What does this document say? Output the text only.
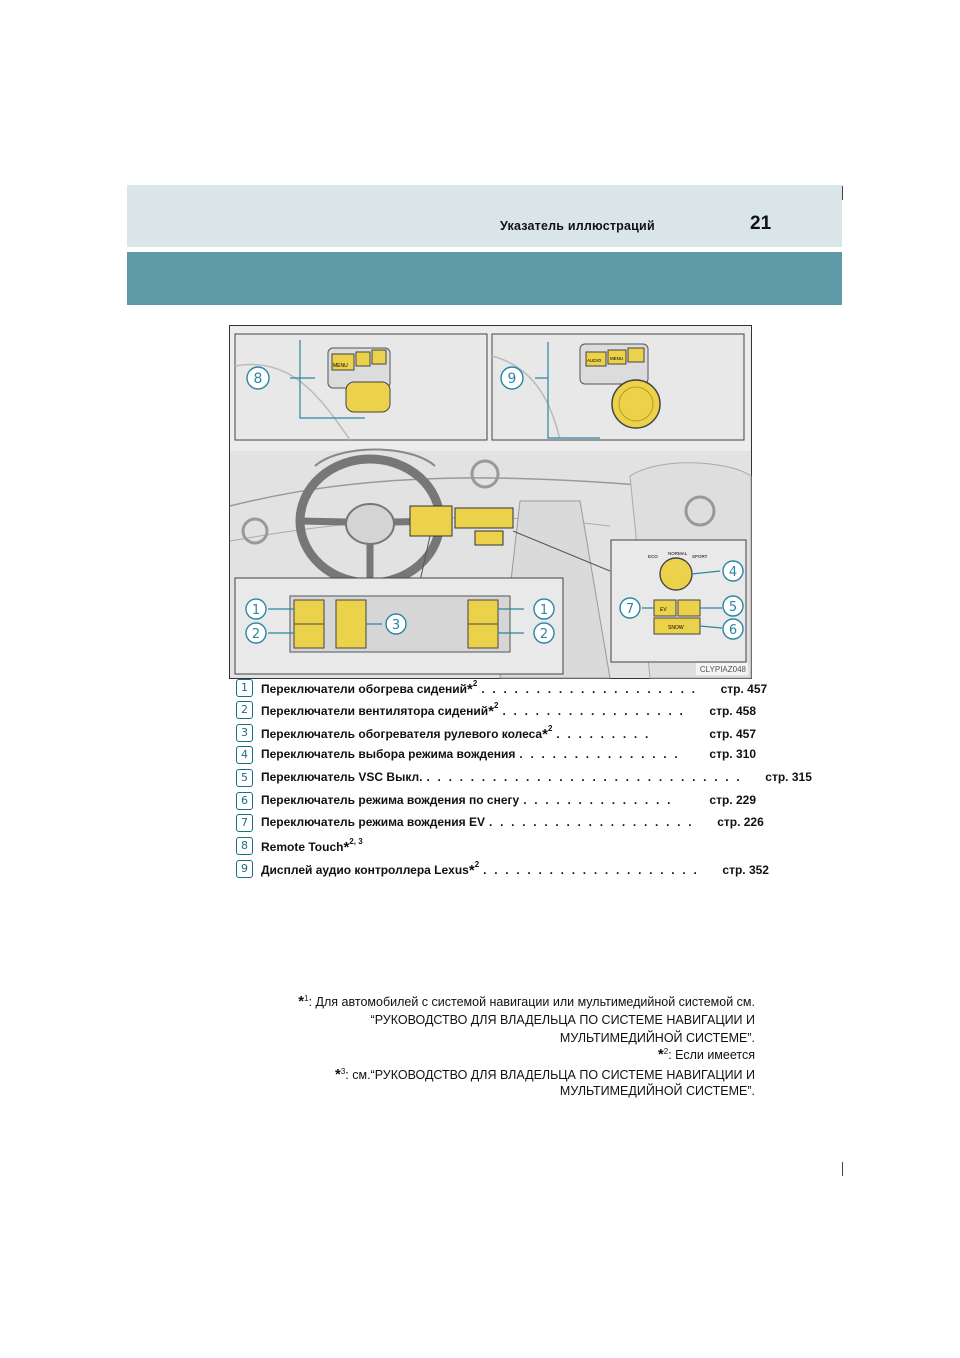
Указатель иллюстраций	21
MENU
8
AUDIO MENU
9
1
2
3
1
2
ECO
NORMAL
SPORT
EV
SNOW
4
5
6
7
CLYPIAZ048
1	Переключатели обогрева сидений*$^2$ . . . . . . . . . . . . . . . . . . . .	стр. 457
2	Переключатели вентилятора сидений*$^2$ . . . . . . . . . . . . . . . . .	стр. 458
3	Переключатель обогревателя рулевого колеса*$^2$ . . . . . . . . .	стр. 457
4	Переключатель выбора режима вождения . . . . . . . . . . . . . . .	стр. 310
5	Переключатель VSC Выкл. . . . . . . . . . . . . . . . . . . . . . . . . . . . . .	стр. 315
6	Переключатель режима вождения по снегу . . . . . . . . . . . . . .	стр. 229
7	Переключатель режима вождения EV . . . . . . . . . . . . . . . . . . .	стр. 226
8	Remote Touch*$^{2, 3}$
9	Дисплей аудио контроллера Lexus*$^2$ . . . . . . . . . . . . . . . . . . . .	стр. 352
*$^1$: Для автомобилей с системой навигации или мультимедийной системой см.
“РУКОВОДСТВО ДЛЯ ВЛАДЕЛЬЦА ПО СИСТЕМЕ НАВИГАЦИИ И
МУЛЬТИМЕДИЙНОЙ СИСТЕМЕ”.
*$^2$: Если имеется
*$^3$: см.“РУКОВОДСТВО ДЛЯ ВЛАДЕЛЬЦА ПО СИСТЕМЕ НАВИГАЦИИ И
МУЛЬТИМЕДИЙНОЙ СИСТЕМЕ”.
